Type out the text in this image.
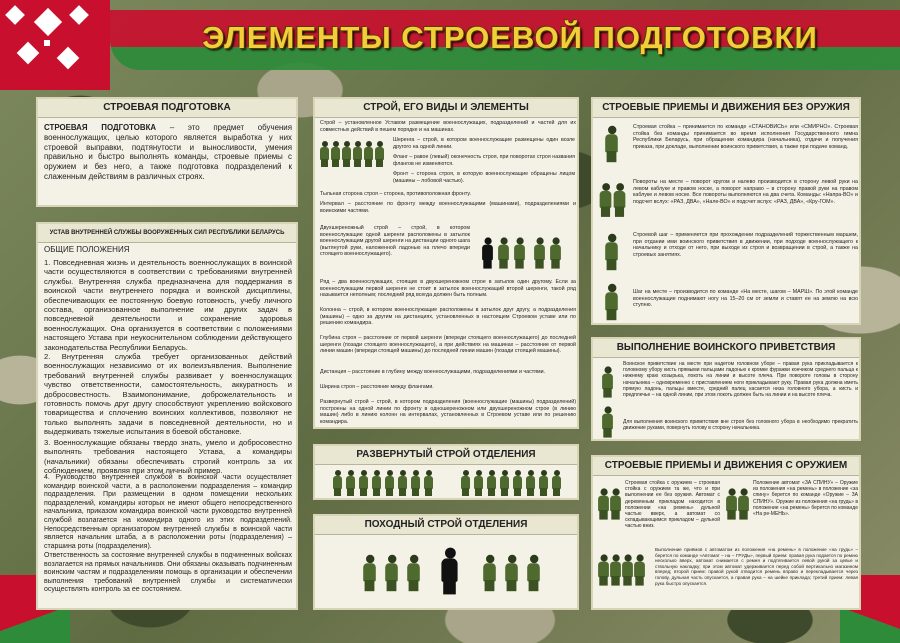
ЭЛЕМЕНТЫ СТРОЕВОЙ ПОДГОТОВКИ
СТРОЕВАЯ ПОДГОТОВКА
СТРОЕВАЯ ПОДГОТОВКА – это предмет обучения военнослужащих, целью которого является выработка у них строевой выправки, подтянутости и выносливости, умения правильно и быстро выполнять команды, строевые приемы с оружием и без него, а также подготовка подразделений к слаженным действиям в различных строях.
УСТАВ ВНУТРЕННЕЙ СЛУЖБЫ ВООРУЖЕННЫХ СИЛ РЕСПУБЛИКИ БЕЛАРУСЬ
ОБЩИЕ ПОЛОЖЕНИЯ
1. Повседневная жизнь и деятельность военнослужащих в воинской части осуществляются в соответствии с требованиями внутренней службы. Внутренняя служба предназначена для поддержания в воинской части внутреннего порядка и воинской дисциплины, обеспечивающих ее постоянную боевую готовность, учебу личного состава, организованное выполнение им других задач в повседневной деятельности и сохранение здоровья военнослужащих. Она организуется в соответствии с положениями настоящего Устава при неукоснительном соблюдении действующего законодательства Республики Беларусь.
2. Внутренняя служба требует организованных действий военнослужащих независимо от их волеизъявления. Выполнение требований внутренней службы развивает у военнослужащих чувство ответственности, самостоятельность, аккуратность и добросовестность. Взаимопонимание, доброжелательность и готовность помочь друг другу способствуют укреплению войскового товарищества и сплочению воинских коллективов, позволяют не только выполнять задачи в повседневной деятельности, но и выдерживать тяжелые испытания в боевой обстановке.
3. Военнослужащие обязаны твердо знать, умело и добросовестно выполнять требования настоящего Устава, а командиры (начальники) обязаны обеспечивать строгий контроль за их соблюдением, проявляя при этом личный пример.
4. Руководство внутренней службой в воинской части осуществляет командир воинской части, а в расположении подразделения – командир подразделения. При размещении в одном помещении нескольких подразделений, командиры которых не имеют общего непосредственного начальника, приказом командира воинской части руководство внутренней службой возлагается на командира одного из этих подразделений. Непосредственным организатором внутренней службы в воинской части является начальник штаба, а в расположении роты (подразделения) – старшина роты (подразделения).
Ответственность за состояние внутренней службы в подчиненных войсках возлагается на прямых начальников. Они обязаны оказывать подчиненным воинским частям и подразделениям помощь в организации и обеспечении выполнения требований внутренней службы и систематически осуществлять контроль за ее состоянием.
СТРОЙ, ЕГО ВИДЫ И ЭЛЕМЕНТЫ
Строй – установленное Уставом размещение военнослужащих, подразделений и частей для их совместных действий в пешем порядке и на машинах.
Шеренга – строй, в котором военнослужащие размещены один возле другого на одной линии.
Фланг – равое (левый) оконечность строя, при поворотах строя названия флангов не изменяются.
Фронт – сторона строя, в которую военнослужащие обращены лицом (машины – лобовой частью).
Тыльная сторона строя – сторона, противоположная фронту.
Интервал – расстояние по фронту между военнослужащими (машинами), подразделениями и воинскими частями.
Двухшереножный строй – строй, в котором военнослужащие одной шеренги расположены в затылок военнослужащим другой шеренги на дистанции одного шага (вытянутой руки, наложенной ладонью на плечо впереди стоящего военнослужащего).
Ряд – два военнослужащих, стоящих в двухшереножном строе в затылок один другому. Если за военнослужащим первой шеренги не стоит в затылок военнослужащий второй шеренги, такой ряд называется неполным; последний ряд всегда должен быть полным.
Колонна – строй, в котором военнослужащие расположены в затылок друг другу, а подразделения (машины) – одно за другим на дистанциях, установленных в настоящем Строевом уставе или по решению командира.
Глубина строя – расстояние от первой шеренги (впереди стоящего военнослужащего) до последней шеренги (позади стоящего военнослужащего), а при действиях на машинах – расстояние от первой линии машин (впереди стоящей машины) до последней линии машин (позади стоящей машины).
Дистанция – расстояние в глубину между военнослужащими, подразделениями и частями.
Ширина строя – расстояние между флангами.
Развернутый строй – строй, в котором подразделения (военнослужащие (машины) подразделений) построены на одной линии по фронту в одношереножном или двухшереножном строе (в линию машин) либо в линию колонн на интервалах, установленных в Строевом уставе или по решению командира.
РАЗВЕРНУТЫЙ СТРОЙ ОТДЕЛЕНИЯ
ПОХОДНЫЙ СТРОЙ ОТДЕЛЕНИЯ
СТРОЕВЫЕ ПРИЕМЫ И ДВИЖЕНИЯ БЕЗ ОРУЖИЯ
Строевая стойка – принимается по команде «СТАНОВИСЬ» или «СМИРНО». Строевая стойка без команды принимается во время исполнения Государственного гимна Республики Беларусь, при обращении командира (начальника), отдачи и получения приказа, при докладе, выполнении воинского приветствия, а также при подаче команд.
Повороты на месте – поворот кругом и налево производится в сторону левой руки на левом каблуке и правом носке, а поворот направо – в сторону правой руки на правом каблуке и левом носке. Все повороты выполняются на два счета. Команды: «Напра-ВО» и подсчет вслух: «РАЗ, ДВА», «Нале-ВО» и подсчет вслух: «РАЗ, ДВА», «Кру-ГОМ».
Строевой шаг – применяется при прохождении подразделений торжественным маршем, при отдании ими воинского приветствия в движении, при подходе военнослужащего к начальнику и отходе от него, при выходе из строя и возвращении в строй, а также на строевых занятиях.
Шаг на месте – производится по команде «На месте, шагом – МАРШ». По этой команде военнослужащие поднимают ногу на 15–20 см от земли и ставят ее на землю на всю ступню.
ВЫПОЛНЕНИЕ ВОИНСКОГО ПРИВЕТСТВИЯ
Воинское приветствие на месте при надетом головном уборе – правая рука прикладывается к головному убору кисть прямыми пальцами ладонью к кромке фуражки кончиком среднего пальца к нижнему краю козырька, локоть на линии и высоте плеча. При повороте головы в сторону начальника – одновременно с приставлением ноги прикладывают руку. Правая рука должна иметь прямую ладонь, пальцы вместе, средний палец касается низа головного убора, а кисть и предплечье – на одной линии, при этом локоть должен быть на линии и на высоте плеча.
Для выполнения воинского приветствия вне строя без головного убора в необходимо прекратить движение руками, повернуть голову в сторону начальника.
СТРОЕВЫЕ ПРИЕМЫ И ДВИЖЕНИЯ С ОРУЖИЕМ
Строевая стойка с оружием – строевая стойка с оружием та же, что и при выполнении ее без оружия. Автомат с деревянным прикладом находится в положении «на ремень» дульной частью вверх, а автомат со складывающимся прикладом – дульной частью вниз.
Положение автомат «ЗА СПИНУ» – Оружие из положения «на ремень» в положение «за спину» берется по команде «Оружие – ЗА СПИНУ». Оружие из положения «на грудь» в положение «на ремень» берется по команде «На ре-МЕНЬ».
Выполнение приёмов с автоматом из положения «на ремень» в положение «на грудь» – берется по команде «Автомат – на – ГРУДЬ», первый прием: правая рука подается по ремню несколько вверх, автомат снимается с ремня и подтягивается левой рукой за цевье и ствольную накладку; при этом автомат удерживается перед собой вертикально магазином вперед; второй прием: правой рукой отводится ремень вправо и перекладывается через голову, дульная часть опускается, а правая рука – на шейке приклада; третий прием: левая рука быстро опускается.
